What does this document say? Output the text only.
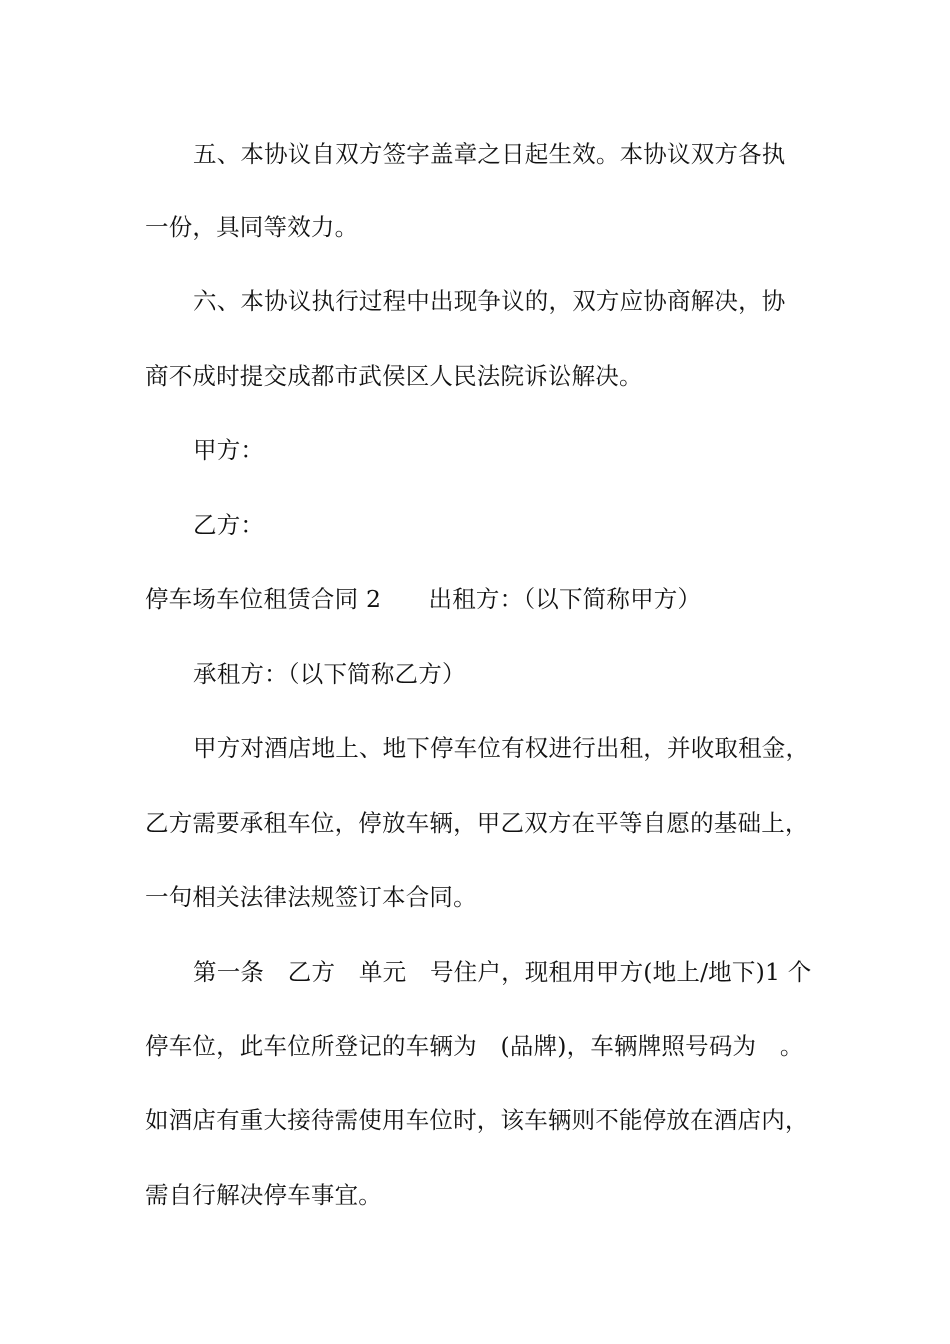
五、本协议自双方签字盖章之日起生效。本协议双方各执
一份，具同等效力。
六、本协议执行过程中出现争议的，双方应协商解决，协
商不成时提交成都市武侯区人民法院诉讼解决。
甲方：
乙方：
停车场车位租赁合同 2　　出租方：（以下简称甲方）
承租方：（以下简称乙方）
甲方对酒店地上、地下停车位有权进行出租，并收取租金，
乙方需要承租车位，停放车辆，甲乙双方在平等自愿的基础上，
一句相关法律法规签订本合同。
第一条　乙方　单元　号住户，现租用甲方(地上/地下)1 个
停车位，此车位所登记的车辆为　(品牌)，车辆牌照号码为　。
如酒店有重大接待需使用车位时，该车辆则不能停放在酒店内，
需自行解决停车事宜。
